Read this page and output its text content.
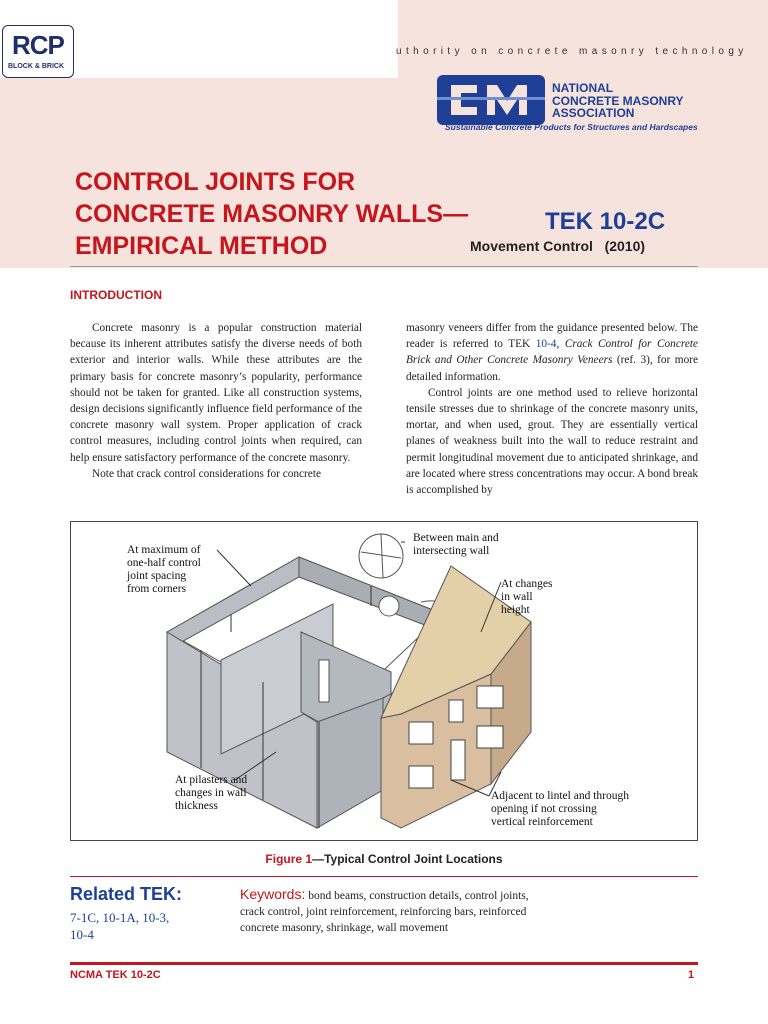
RCP
BLOCK & BRICK
uthority on concrete masonry technology
NATIONAL
CONCRETE MASONRY
ASSOCIATION
Sustainable Concrete Products for Structures and Hardscapes
CONTROL JOINTS FOR
CONCRETE MASONRY WALLS—
EMPIRICAL METHOD
TEK 10-2C
Movement Control (2010)
INTRODUCTION

Concrete masonry is a popular construction material because its inherent attributes satisfy the diverse needs of both exterior and interior walls. While these attributes are the primary basis for concrete masonry’s popularity, performance should not be taken for granted. Like all construction systems, design decisions significantly influence field performance of the concrete masonry wall system. Proper application of crack control measures, including control joints when required, can help ensure satisfactory performance of the concrete masonry.

Note that crack control considerations for concrete

masonry veneers differ from the guidance presented below. The reader is referred to TEK 10-4, Crack Control for Concrete Brick and Other Concrete Masonry Veneers (ref. 3), for more detailed information.

Control joints are one method used to relieve horizontal tensile stresses due to shrinkage of the concrete masonry units, mortar, and when used, grout. They are essentially vertical planes of weakness built into the wall to reduce restraint and permit longitudinal movement due to anticipated shrinkage, and are located where stress concentrations may occur. A bond break is accomplished by

At maximum of
one-half control
joint spacing
from corners
Between main and
intersecting wall
At changes
in wall
height
At pilasters and
changes in wall
thickness
Adjacent to lintel and through
opening if not crossing
vertical reinforcement
Figure 1—Typical Control Joint Locations
Related TEK:
7-1C, 10-1A, 10-3,
10-4
Keywords: bond beams, construction details, control joints, crack control, joint reinforcement, reinforcing bars, reinforced concrete masonry, shrinkage, wall movement
NCMA TEK 10-2C	1
